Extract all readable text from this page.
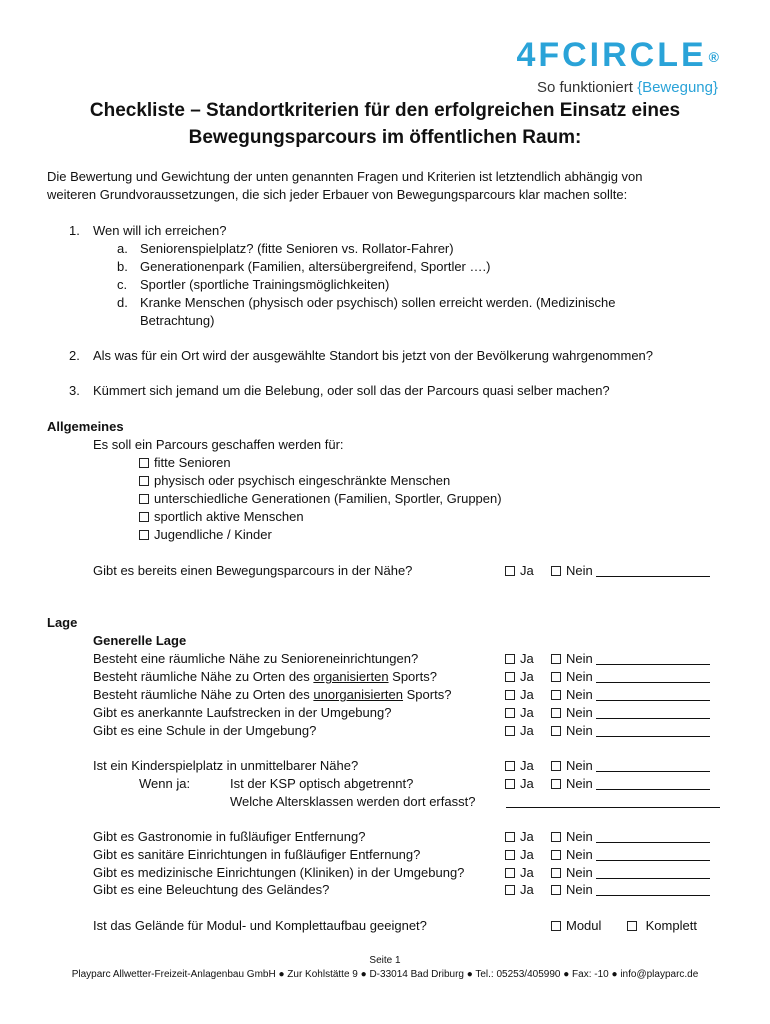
4FCIRCLE ®
So funktioniert {Bewegung}
Checkliste – Standortkriterien für den erfolgreichen Einsatz eines
Bewegungsparcours im öffentlichen Raum:
Die Bewertung und Gewichtung der unten genannten Fragen und Kriterien ist letztendlich abhängig von
weiteren Grundvoraussetzungen, die sich jeder Erbauer von Bewegungsparcours klar machen sollte:
1. Wen will ich erreichen?
a. Seniorenspielplatz? (fitte Senioren vs. Rollator-Fahrer)
b. Generationenpark (Familien, altersübergreifend, Sportler ….)
c. Sportler (sportliche Trainingsmöglichkeiten)
d. Kranke Menschen (physisch oder psychisch) sollen erreicht werden. (Medizinische
Betrachtung)
2. Als was für ein Ort wird der ausgewählte Standort bis jetzt von der Bevölkerung wahrgenommen?
3. Kümmert sich jemand um die Belebung, oder soll das der Parcours quasi selber machen?
Allgemeines
Es soll ein Parcours geschaffen werden für:
fitte Senioren
physisch oder psychisch eingeschränkte Menschen
unterschiedliche Generationen (Familien, Sportler, Gruppen)
sportlich aktive Menschen
Jugendliche / Kinder
Gibt es bereits einen Bewegungsparcours in der Nähe?	Ja	Nein
Lage
Generelle Lage
Besteht eine räumliche Nähe zu Senioreneinrichtungen?	Ja	Nein
Besteht räumliche Nähe zu Orten des organisierten Sports?	Ja	Nein
Besteht räumliche Nähe zu Orten des unorganisierten Sports?	Ja	Nein
Gibt es anerkannte Laufstrecken in der Umgebung?	Ja	Nein
Gibt es eine Schule in der Umgebung?	Ja	Nein
Ist ein Kinderspielplatz in unmittelbarer Nähe?	Ja	Nein
Wenn ja:	Ist der KSP optisch abgetrennt?	Ja	Nein
Welche Altersklassen werden dort erfasst?
Gibt es Gastronomie in fußläufiger Entfernung?	Ja	Nein
Gibt es sanitäre Einrichtungen in fußläufiger Entfernung?	Ja	Nein
Gibt es medizinische Einrichtungen (Kliniken) in der Umgebung?	Ja	Nein
Gibt es eine Beleuchtung des Geländes?	Ja	Nein
Ist das Gelände für Modul- und Komplettaufbau geeignet?	Modul	Komplett
Seite 1
Playparc Allwetter-Freizeit-Anlagenbau GmbH ● Zur Kohlstätte 9 ● D-33014 Bad Driburg ● Tel.: 05253/405990 ● Fax: -10 ● info@playparc.de
